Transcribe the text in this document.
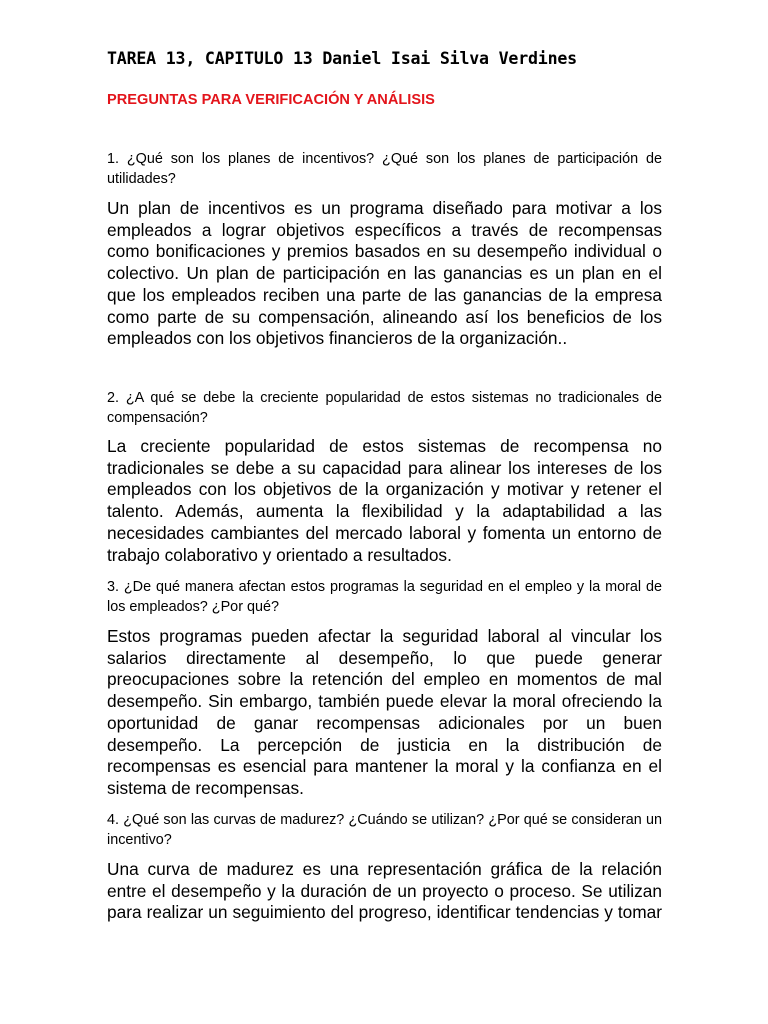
TAREA 13, CAPITULO 13 Daniel Isai Silva Verdines
PREGUNTAS PARA VERIFICACIÓN Y ANÁLISIS
1. ¿Qué son los planes de incentivos? ¿Qué son los planes de participación de utilidades?
Un plan de incentivos es un programa diseñado para motivar a los empleados a lograr objetivos específicos a través de recompensas como bonificaciones y premios basados en su desempeño individual o colectivo. Un plan de participación en las ganancias es un plan en el que los empleados reciben una parte de las ganancias de la empresa como parte de su compensación, alineando así los beneficios de los empleados con los objetivos financieros de la organización..
2. ¿A qué se debe la creciente popularidad de estos sistemas no tradicionales de compensación?
La creciente popularidad de estos sistemas de recompensa no tradicionales se debe a su capacidad para alinear los intereses de los empleados con los objetivos de la organización y motivar y retener el talento. Además, aumenta la flexibilidad y la adaptabilidad a las necesidades cambiantes del mercado laboral y fomenta un entorno de trabajo colaborativo y orientado a resultados.
3. ¿De qué manera afectan estos programas la seguridad en el empleo y la moral de los empleados? ¿Por qué?
Estos programas pueden afectar la seguridad laboral al vincular los salarios directamente al desempeño, lo que puede generar preocupaciones sobre la retención del empleo en momentos de mal desempeño. Sin embargo, también puede elevar la moral ofreciendo la oportunidad de ganar recompensas adicionales por un buen desempeño. La percepción de justicia en la distribución de recompensas es esencial para mantener la moral y la confianza en el sistema de recompensas.
4. ¿Qué son las curvas de madurez? ¿Cuándo se utilizan? ¿Por qué se consideran un incentivo?
Una curva de madurez es una representación gráfica de la relación entre el desempeño y la duración de un proyecto o proceso. Se utilizan para realizar un seguimiento del progreso, identificar tendencias y tomar
